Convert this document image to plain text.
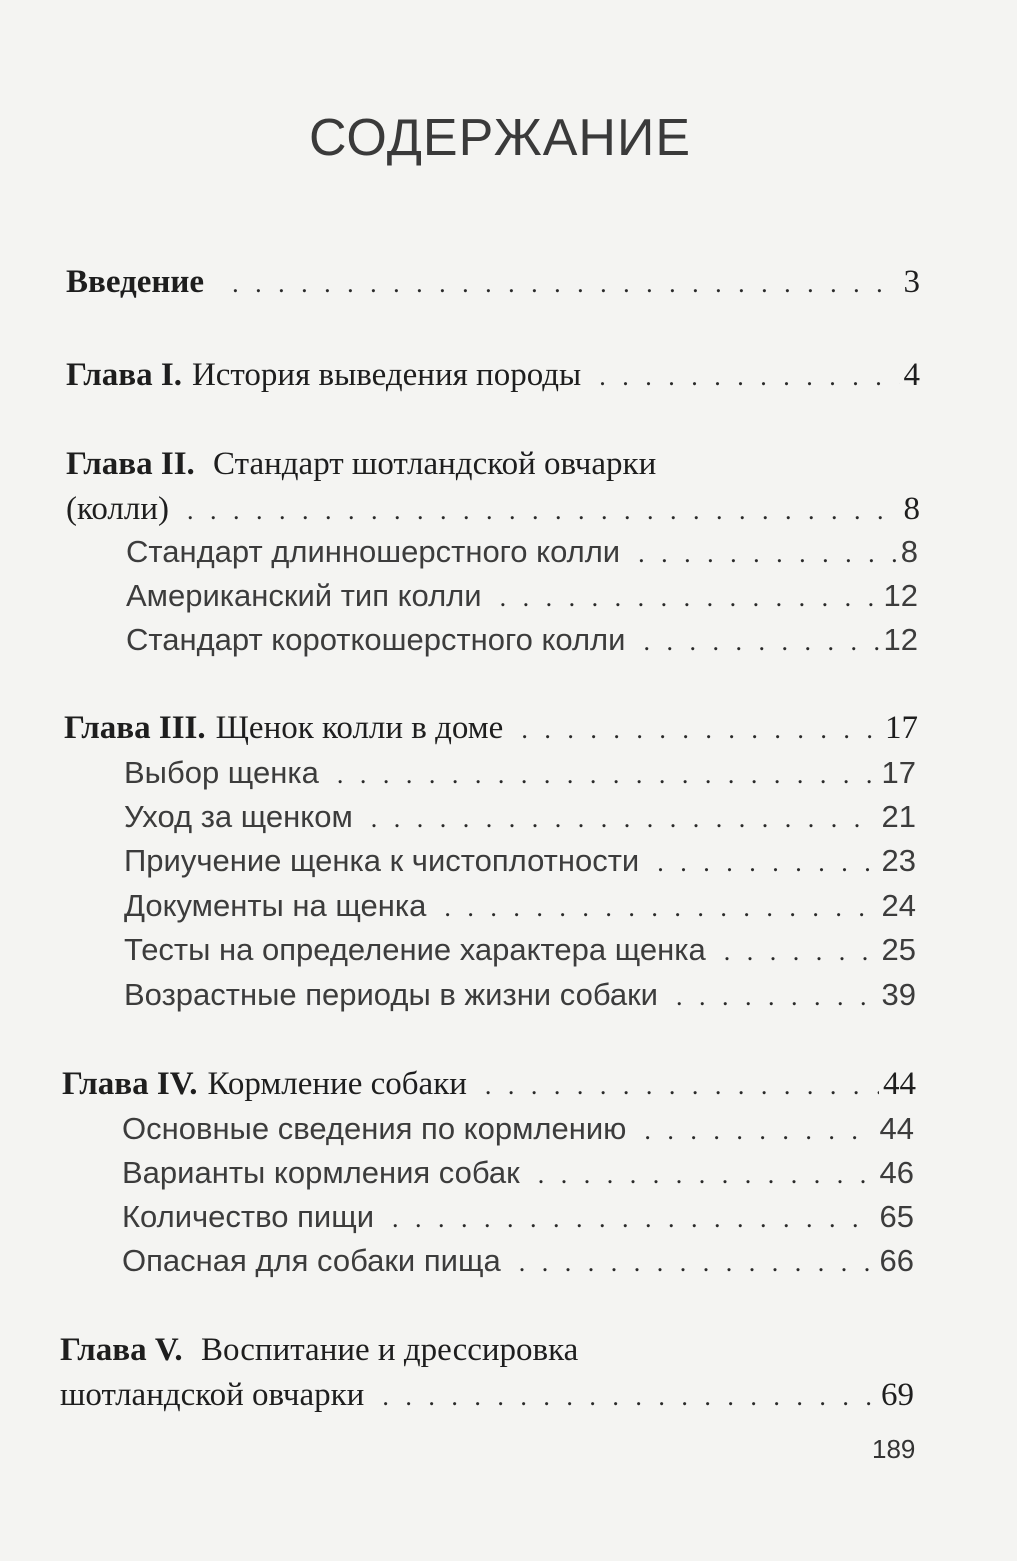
СОДЕРЖАНИЕ
Введение . . .	3
Глава I. История выведения породы . . .	4
Глава II. Стандарт шотландской овчарки
(колли) . . .	8
Стандарт длинношерстного колли . . .	8
Американский тип колли . . .	12
Стандарт короткошерстного колли . . .	12
Глава III. Щенок колли в доме . . .	17
Выбор щенка . . .	17
Уход за щенком . . .	21
Приучение щенка к чистоплотности . . .	23
Документы на щенка . . .	24
Тесты на определение характера щенка . . .	25
Возрастные периоды в жизни собаки . . .	39
Глава IV. Кормление собаки . . .	44
Основные сведения по кормлению . . .	44
Варианты кормления собак . . .	46
Количество пищи . . .	65
Опасная для собаки пища . . .	66
Глава V. Воспитание и дрессировка
шотландской овчарки . . .	69
189
